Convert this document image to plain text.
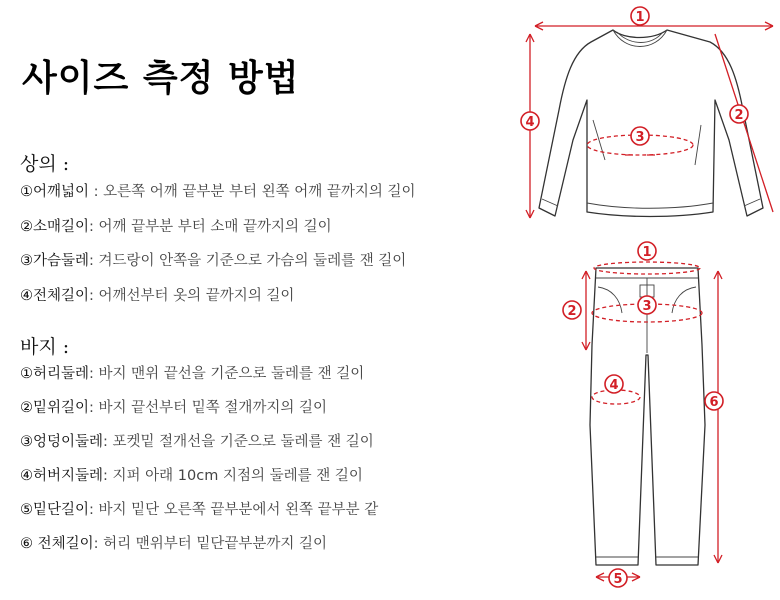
사이즈 측정 방법
상의 :
①어깨넓이 : 오른쪽 어깨 끝부분 부터 왼쪽 어깨 끝까지의 길이
②소매길이: 어깨 끝부분 부터 소매 끝까지의 길이
③가슴둘레: 겨드랑이 안쪽을 기준으로 가슴의 둘레를 잰 길이
④전체길이: 어깨선부터 옷의 끝까지의 길이
바지 :
①허리둘레: 바지 맨위 끝선을 기준으로 둘레를 잰 길이
②밑위길이: 바지 끝선부터 밑쪽 절개까지의 길이
③엉덩이둘레: 포켓밑 절개선을 기준으로 둘레를 잰 길이
④허버지둘레: 지퍼 아래 10cm 지점의 둘레를 잰 길이
⑤밑단길이: 바지 밑단 오른쪽 끝부분에서 왼쪽 끝부분 같
⑥ 전체길이: 허리 맨위부터 밑단끝부분까지 길이
1
2
3
4
1
2	3
4
5
6
